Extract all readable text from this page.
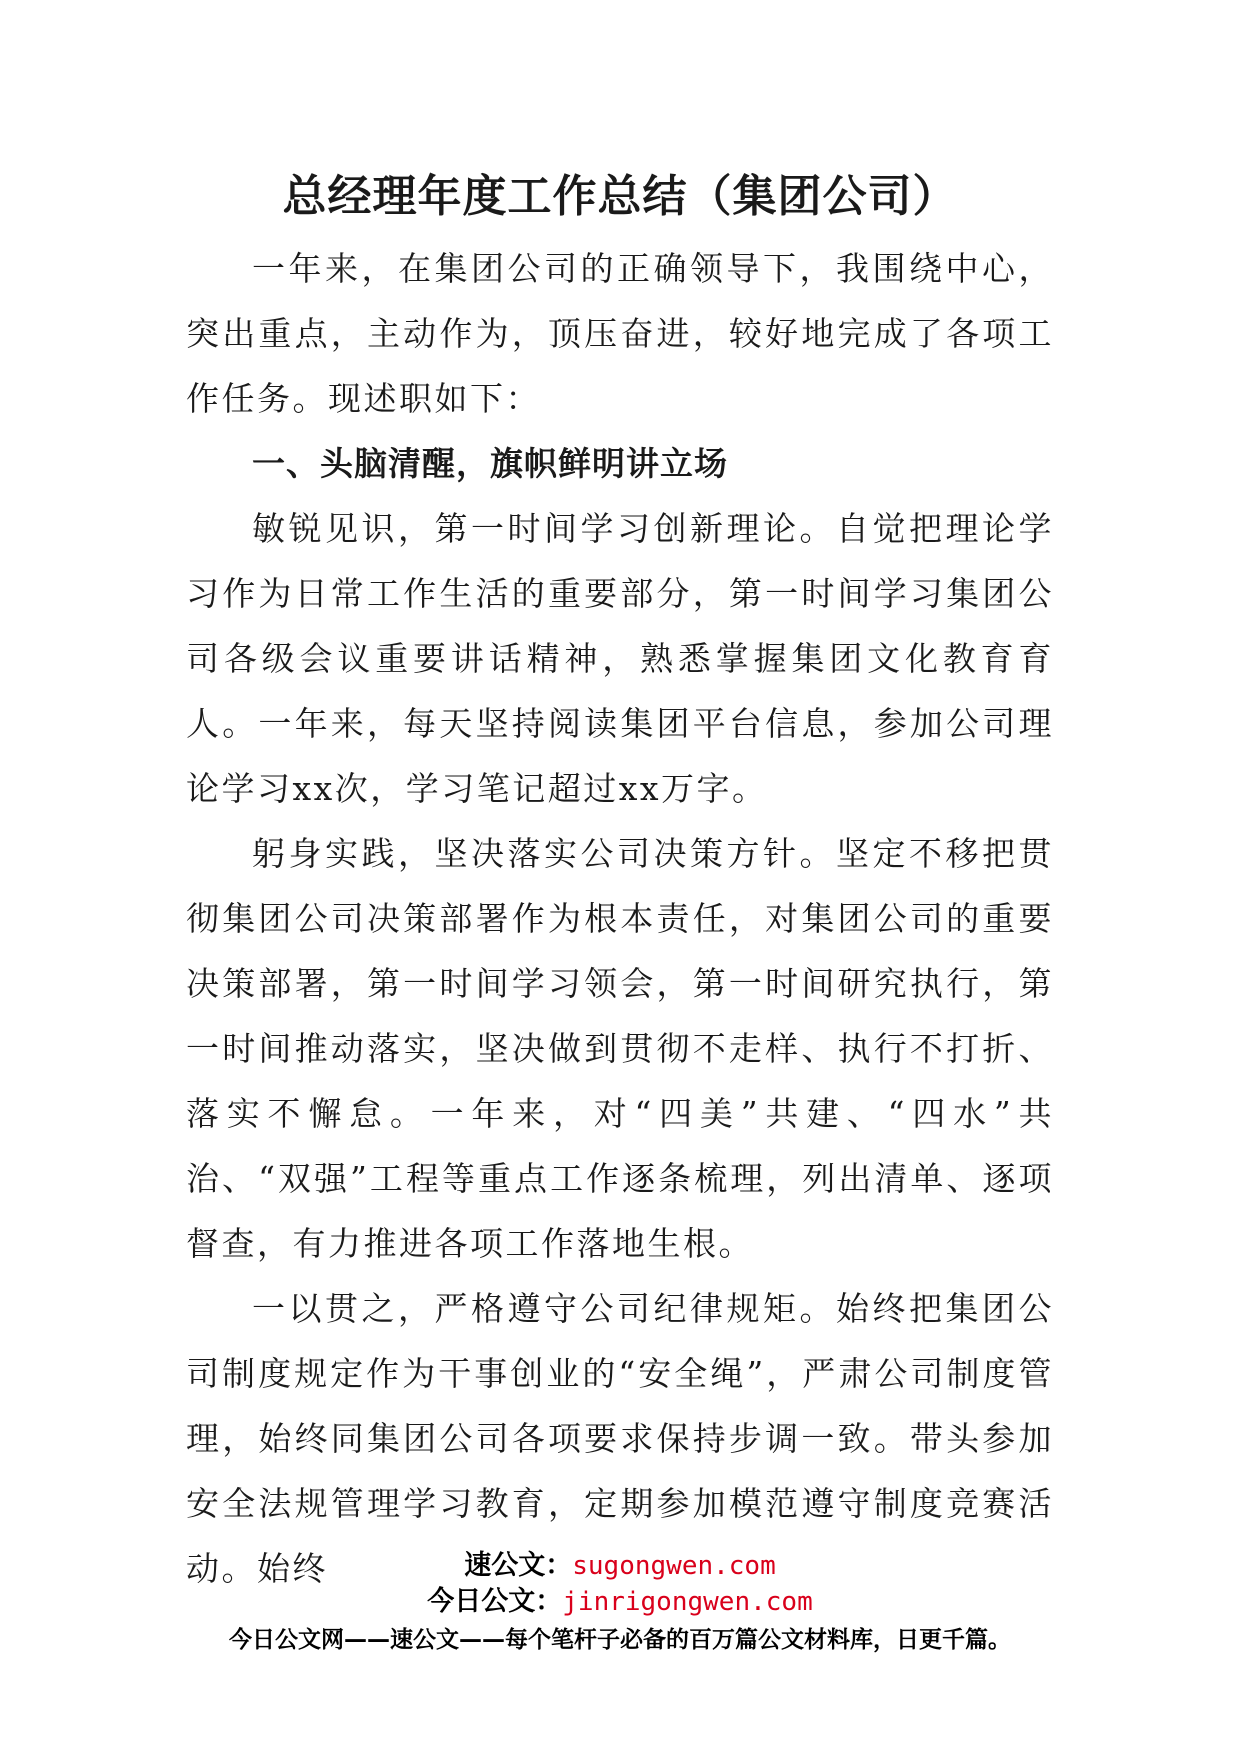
总经理年度工作总结（集团公司）

一年来，在集团公司的正确领导下，我围绕中心，突出重点，主动作为，顶压奋进，较好地完成了各项工作任务。现述职如下：

一、头脑清醒，旗帜鲜明讲立场

敏锐见识，第一时间学习创新理论。自觉把理论学习作为日常工作生活的重要部分，第一时间学习集团公司各级会议重要讲话精神，熟悉掌握集团文化教育育人。一年来，每天坚持阅读集团平台信息，参加公司理论学习xx次，学习笔记超过xx万字。

躬身实践，坚决落实公司决策方针。坚定不移把贯彻集团公司决策部署作为根本责任，对集团公司的重要决策部署，第一时间学习领会，第一时间研究执行，第一时间推动落实，坚决做到贯彻不走样、执行不打折、落实不懈怠。一年来，对“四美”共建、“四水”共治、“双强”工程等重点工作逐条梳理，列出清单、逐项督查，有力推进各项工作落地生根。

一以贯之，严格遵守公司纪律规矩。始终把集团公司制度规定作为干事创业的“安全绳”，严肃公司制度管理，始终同集团公司各项要求保持步调一致。带头参加安全法规管理学习教育，定期参加模范遵守制度竞赛活动。始终	速公文：sugongwen.com

今日公文：jinrigongwen.com

今日公文网——速公文——每个笔杆子必备的百万篇公文材料库，日更千篇。
